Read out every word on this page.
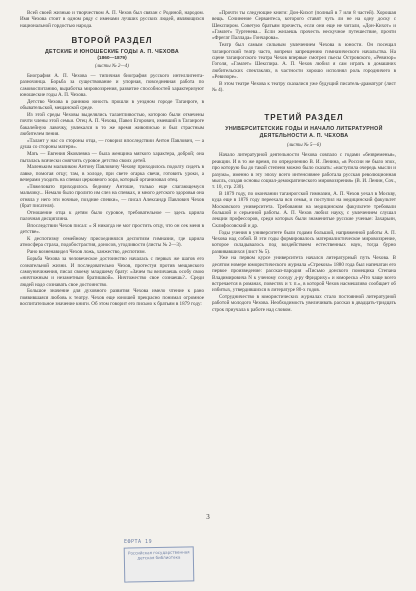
Всей своей жизнью и творчеством А. П. Чехов был связан с Родиной, народом. Имя Чехова стоит в одном ряду с именами лучших русских людей, являющихся национальной гордостью народа.

ВТОРОЙ РАЗДЕЛ
ДЕТСКИЕ И ЮНОШЕСКИЕ ГОДЫ А. П. ЧЕХОВА
(1860—1879)
(листы № 2—4)

Биография А. П. Чехова — типичная биография русского интеллигента-разночинца. Борьба за существование и упорная, повседневная работа по самовоспитанию, выработка мировоззрения, развитие способностей характеризуют юношеские годы А. П. Чехова.

Детство Чехова в раннюю юность прошли в уездном городе Таганроге, в обывательской, мещанской среде.

Из этой среды Чеховы выделялись талантливостью, которою были отмечены почти члены этой семьи. Отец А. П. Чехова, Павел Егорович, имевший в Таганроге бакалейную лавочку, увлекался в то же время живописью и был страстным любителем пения.

«Талант у нас со стороны отца, — говорил впоследствии Антон Павлович, — а душа со стороны матери».

Мать — Евгения Яковлевна — была женщина мягкого характера, доброй; она пыталась всячески смягчить суровое детство своих детей.

Маленьким мальчиком Антону Павловичу Чехову приходилось подолгу сидеть в лавке, помогая отцу; там, в холоде, при свете огарка свечи, готовить уроки, а вечерами уходить на спевки церковного хора, который организовал отец.

«Тяжеловато приходилось бедному Антоше, только еще слагающемуся мальчику... Немало было пролито им слез на спевках, и много детского здоровья она отняла у него эти ночные, поздние спевки», — писал Александр Павлович Чехов (брат писателя).

Отношение отца к детям было суровое, требовательное — здесь царила палочная дисциплина.

Впоследствии Чехов писал: « Я никогда не мог простить отцу, что он сек меня в детстве».

К деспотизму семейному присоединялся деспотизм гимназии, где царила атмосфера страха, подобострастия, доносов, угодливости (листы № 2—3).

Рано возненавидел Чехов ложь, ханжество, деспотизм.

Борьба Чехова за человеческое достоинство началась с первых же шагов его сознательной жизни. И последовательно Чехов, протестуя против мещанского самоуничижения, писал своему младшему брату: «Зачем ты величаешь особу свою «ничтожным и незаметным братишкой». Ничтожество свое сознаешь?.. Среди людей надо сознавать свое достоинство.

Большое значение для духовного развития Чехова имело чтение к рано появившаяся любовь к театру. Чехов еще юношей прекрасно понимал огромное воспитательное значение книги. Об этом говорит его письмо к братьям в 1879 году:

«Прочти ты следующие книги: Дон-Кихот (полный в 7 или 8 частей). Хорошая вещь. Сочинение Сервантеса, которого ставят чуть ли не на одну доску с Шекспиром. Советую братьям прочесть, если они еще не читали, «Дон-Кихот» и «Гамлет» Тургенева... Если желаешь прочесть нескучное путешествие, прочти «Фрегат Паллада» Гончарова».

Театр был самым сильным увлечением Чехова в юности. Он посещал таганрогский театр часто, вопреки запрещению гимназического начальства. На сцене таганрогского театра Чехов впервые смотрел пьесы Островского, «Ревизор» Гоголя, «Гамлет» Шекспира. А. П. Чехов любил я сам играть в домашних любительских спектаклях, в частности хорошо исполнял роль городничего в «Ревизоре».

В этом театре Чехова к театру сказалися уже будущий писатель-драматург (лист № 4).

ТРЕТИЙ РАЗДЕЛ
УНИВЕРСИТЕТСКИЕ ГОДЫ И НАЧАЛО ЛИТЕРАТУРНОЙ ДЕЯТЕЛЬНОСТИ А. П. ЧЕХОВА
(листы № 5—6)

Начало литературной деятельности Чехова совпало с годами «безвременья», реакции. И в то же время, по определению В. И. Ленина, «в России не было эпох, про которую бы до такой степени можно было сказать: «наступила очередь мысли и разума», именно в эту эпоху всего интенсивнее работала русская революционная мысль, создав основы социал-демократического мировоззрения» (В. И. Ленин, Соч., т. 10, стр. 230).

В 1879 году, по окончании таганрогской гимназии, А. П. Чехов уехал в Москву, куда еще в 1876 году переехала вся семья, и поступил на медицинский факультет Московского университета. Требования на медицинском факультете требовали большой и серьезной работы. А. П. Чехов любил науку, с увлечением слушал лекции профессоров, среди которых были знаменитые русские ученые: Захарьин, Склифосовский и др.

Годы учения в университете были годами большой, напряженной работы А. П. Чехова над собой. В эти годы формировалось материалистическое мировоззрение, которое складывалось под воздействием естественных наук, тогда бурно развивавшихся (лист № 5).

Уже на первом курсе университета начался литературный путь Чехова. В десятом номере юмористического журнала «Стрекоза» 1880 года был напечатан его первое произведение: рассказ-пародия «Письмо донского помещика Степана Владимировича N к ученому соседу д-ру Фридриху» и юмореска «Что чаще всего встречается в романах, повестях и т. п.», в которой Чехов насмешливо сообщает об избитых, утвердившихся в литературе 80-х годов.

Сотрудничество в юмористических журналах стало постоянной литературной работой молодого Чехова. Необходимость увеличивать рассказ в двадцать-тридцать строк приучала к работе над словом.

3
ЕФРТА 19
Российская государственная детская библиотека
